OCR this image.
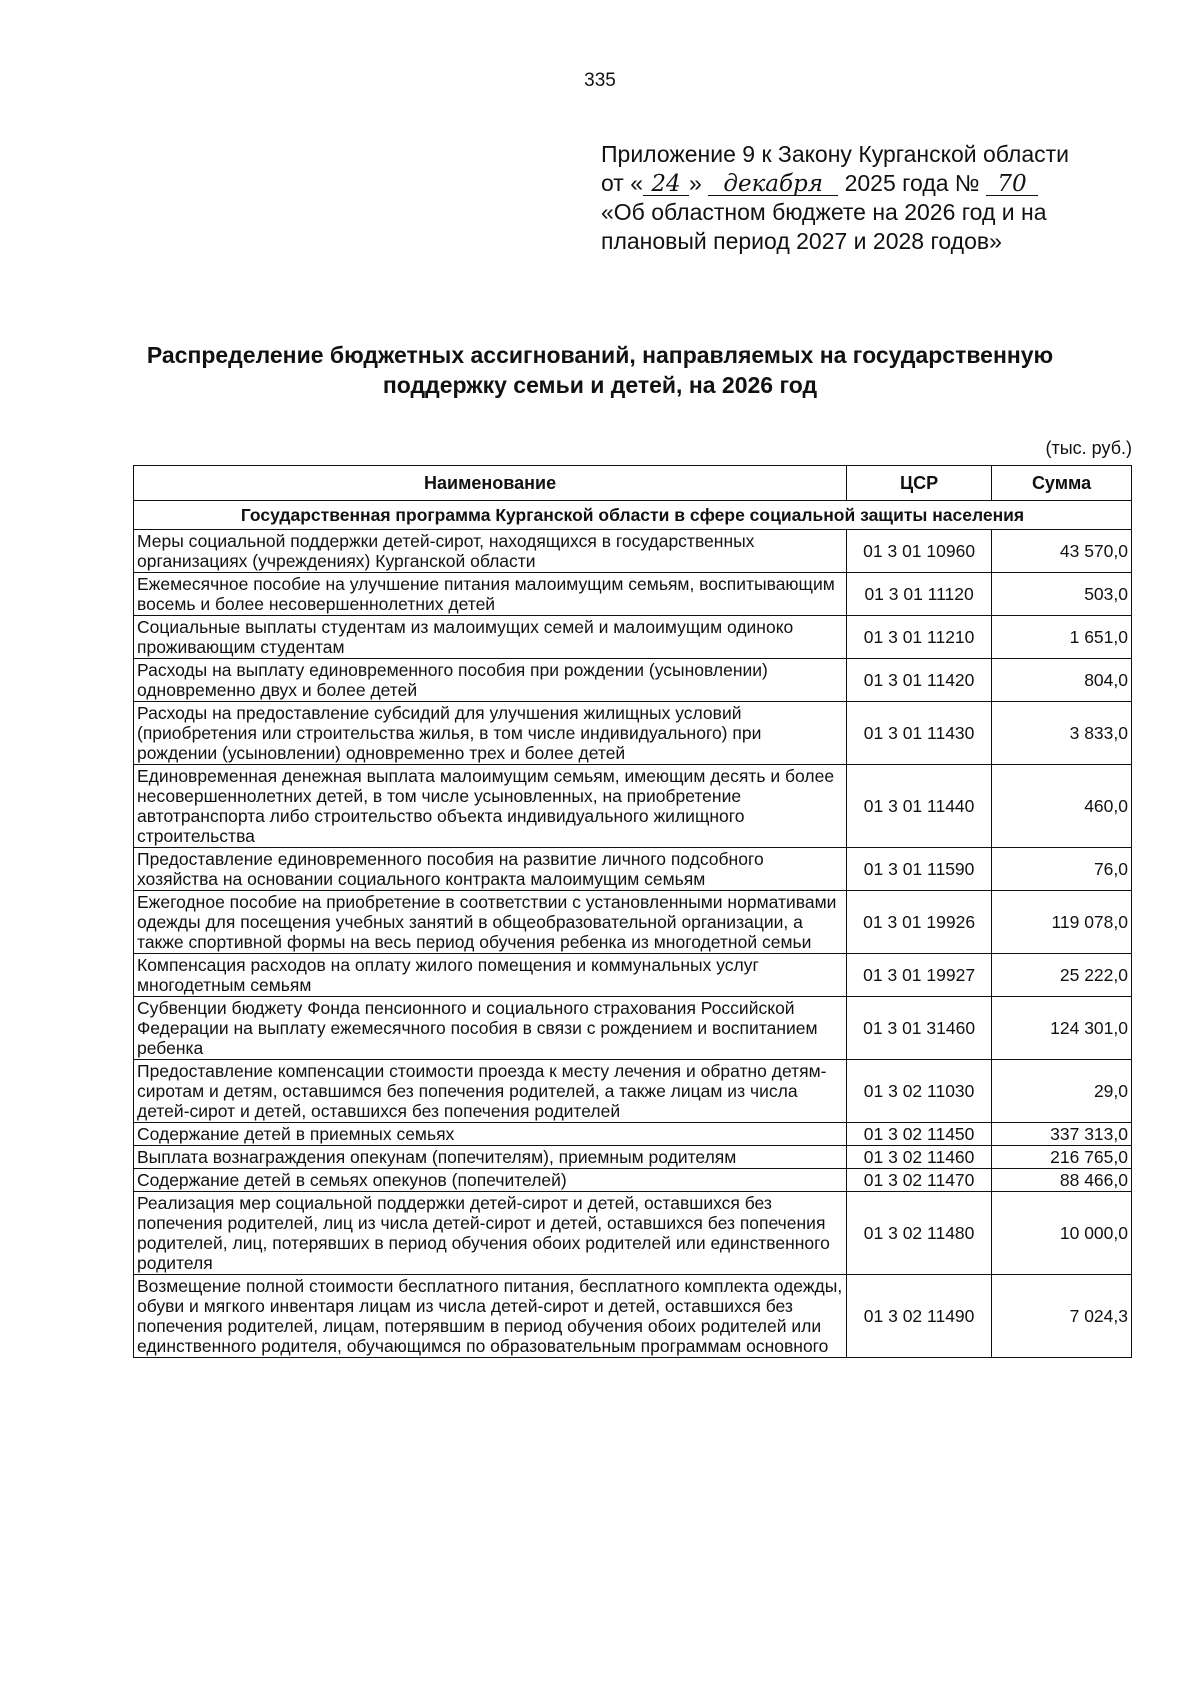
335
Приложение 9 к Закону Курганской области
от « 24 » декабря 2025 года № 70
«Об областном бюджете на 2026 год и на
плановый период 2027 и 2028 годов»
Распределение бюджетных ассигнований, направляемых на государственную
поддержку семьи и детей, на 2026 год
(тыс. руб.)
Наименование	ЦСР	Сумма
Государственная программа Курганской области в сфере социальной защиты населения		
Меры социальной поддержки детей-сирот, находящихся в государственных организациях (учреждениях) Курганской области	01 3 01 10960	43 570,0
Ежемесячное пособие на улучшение питания малоимущим семьям, воспитывающим восемь и более несовершеннолетних детей	01 3 01 11120	503,0
Социальные выплаты студентам из малоимущих семей и малоимущим одиноко проживающим студентам	01 3 01 11210	1 651,0
Расходы на выплату единовременного пособия при рождении (усыновлении) одновременно двух и более детей	01 3 01 11420	804,0
Расходы на предоставление субсидий для улучшения жилищных условий (приобретения или строительства жилья, в том числе индивидуального) при рождении (усыновлении) одновременно трех и более детей	01 3 01 11430	3 833,0
Единовременная денежная выплата малоимущим семьям, имеющим десять и более несовершеннолетних детей, в том числе усыновленных, на приобретение автотранспорта либо строительство объекта индивидуального жилищного строительства	01 3 01 11440	460,0
Предоставление единовременного пособия на развитие личного подсобного хозяйства на основании социального контракта малоимущим семьям	01 3 01 11590	76,0
Ежегодное пособие на приобретение в соответствии с установленными нормативами одежды для посещения учебных занятий в общеобразовательной организации, а также спортивной формы на весь период обучения ребенка из многодетной семьи	01 3 01 19926	119 078,0
Компенсация расходов на оплату жилого помещения и коммунальных услуг многодетным семьям	01 3 01 19927	25 222,0
Субвенции бюджету Фонда пенсионного и социального страхования Российской Федерации на выплату ежемесячного пособия в связи с рождением и воспитанием ребенка	01 3 01 31460	124 301,0
Предоставление компенсации стоимости проезда к месту лечения и обратно детям-сиротам и детям, оставшимся без попечения родителей, а также лицам из числа детей-сирот и детей, оставшихся без попечения родителей	01 3 02 11030	29,0
Содержание детей в приемных семьях	01 3 02 11450	337 313,0
Выплата вознаграждения опекунам (попечителям), приемным родителям	01 3 02 11460	216 765,0
Содержание детей в семьях опекунов (попечителей)	01 3 02 11470	88 466,0
Реализация мер социальной поддержки детей-сирот и детей, оставшихся без попечения родителей, лиц из числа детей-сирот и детей, оставшихся без попечения родителей, лиц, потерявших в период обучения обоих родителей или единственного родителя	01 3 02 11480	10 000,0
Возмещение полной стоимости бесплатного питания, бесплатного комплекта одежды, обуви и мягкого инвентаря лицам из числа детей-сирот и детей, оставшихся без попечения родителей, лицам, потерявшим в период обучения обоих родителей или единственного родителя, обучающимся по образовательным программам основного	01 3 02 11490	7 024,3
